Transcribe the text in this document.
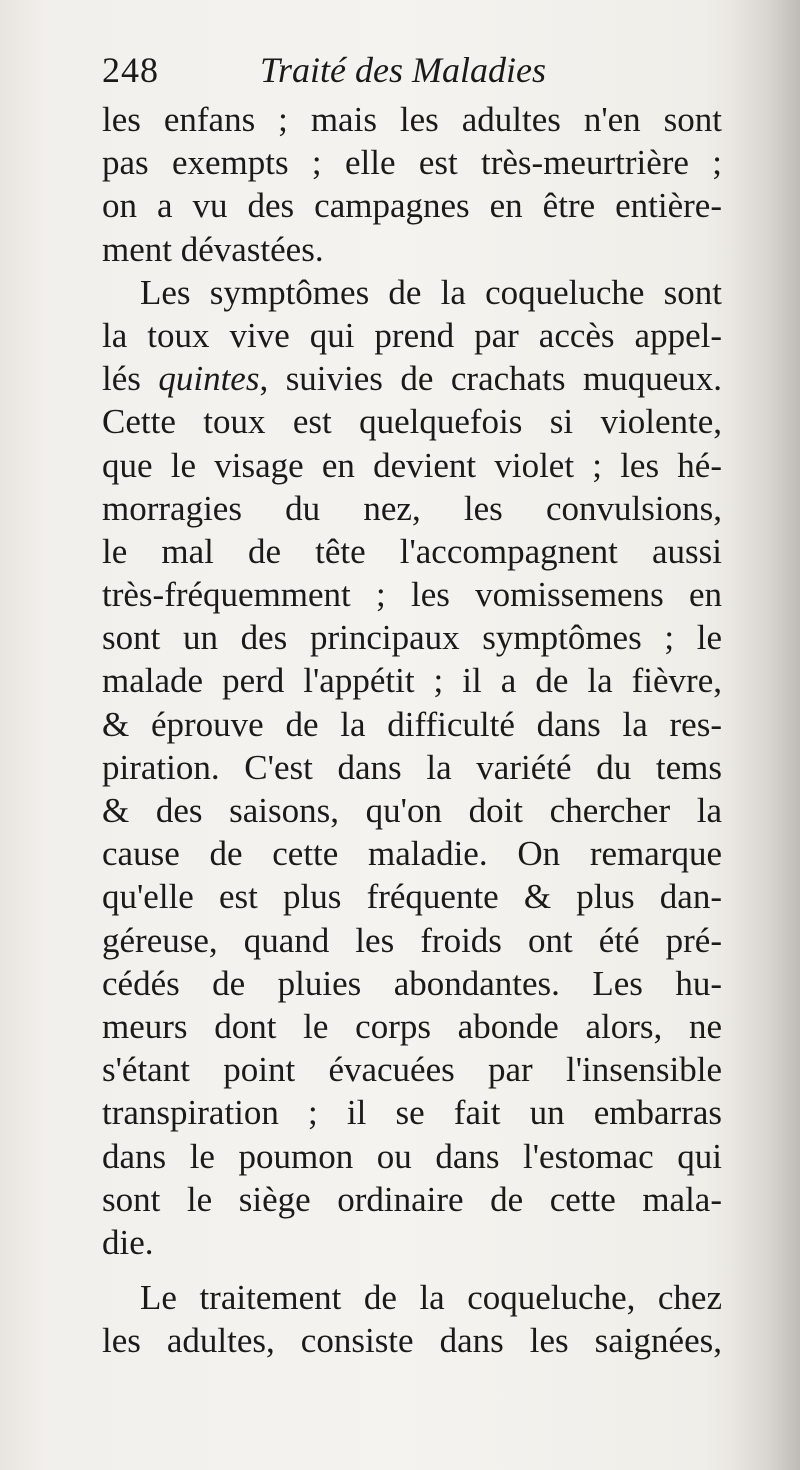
248	Traité des Maladies
les enfans ; mais les adultes n'en sont
pas exempts ; elle est très-meurtrière ;
on a vu des campagnes en être entière-
ment dévastées.
Les symptômes de la coqueluche sont
la toux vive qui prend par accès appel-
lés quintes, suivies de crachats muqueux.
Cette toux est quelquefois si violente,
que le visage en devient violet ; les hé-
morragies du nez, les convulsions,
le mal de tête l'accompagnent aussi
très-fréquemment ; les vomissemens en
sont un des principaux symptômes ; le
malade perd l'appétit ; il a de la fièvre,
& éprouve de la difficulté dans la res-
piration. C'est dans la variété du tems
& des saisons, qu'on doit chercher la
cause de cette maladie. On remarque
qu'elle est plus fréquente & plus dan-
géreuse, quand les froids ont été pré-
cédés de pluies abondantes. Les hu-
meurs dont le corps abonde alors, ne
s'étant point évacuées par l'insensible
transpiration ; il se fait un embarras
dans le poumon ou dans l'estomac qui
sont le siège ordinaire de cette mala-
die.
Le traitement de la coqueluche, chez
les adultes, consiste dans les saignées,
